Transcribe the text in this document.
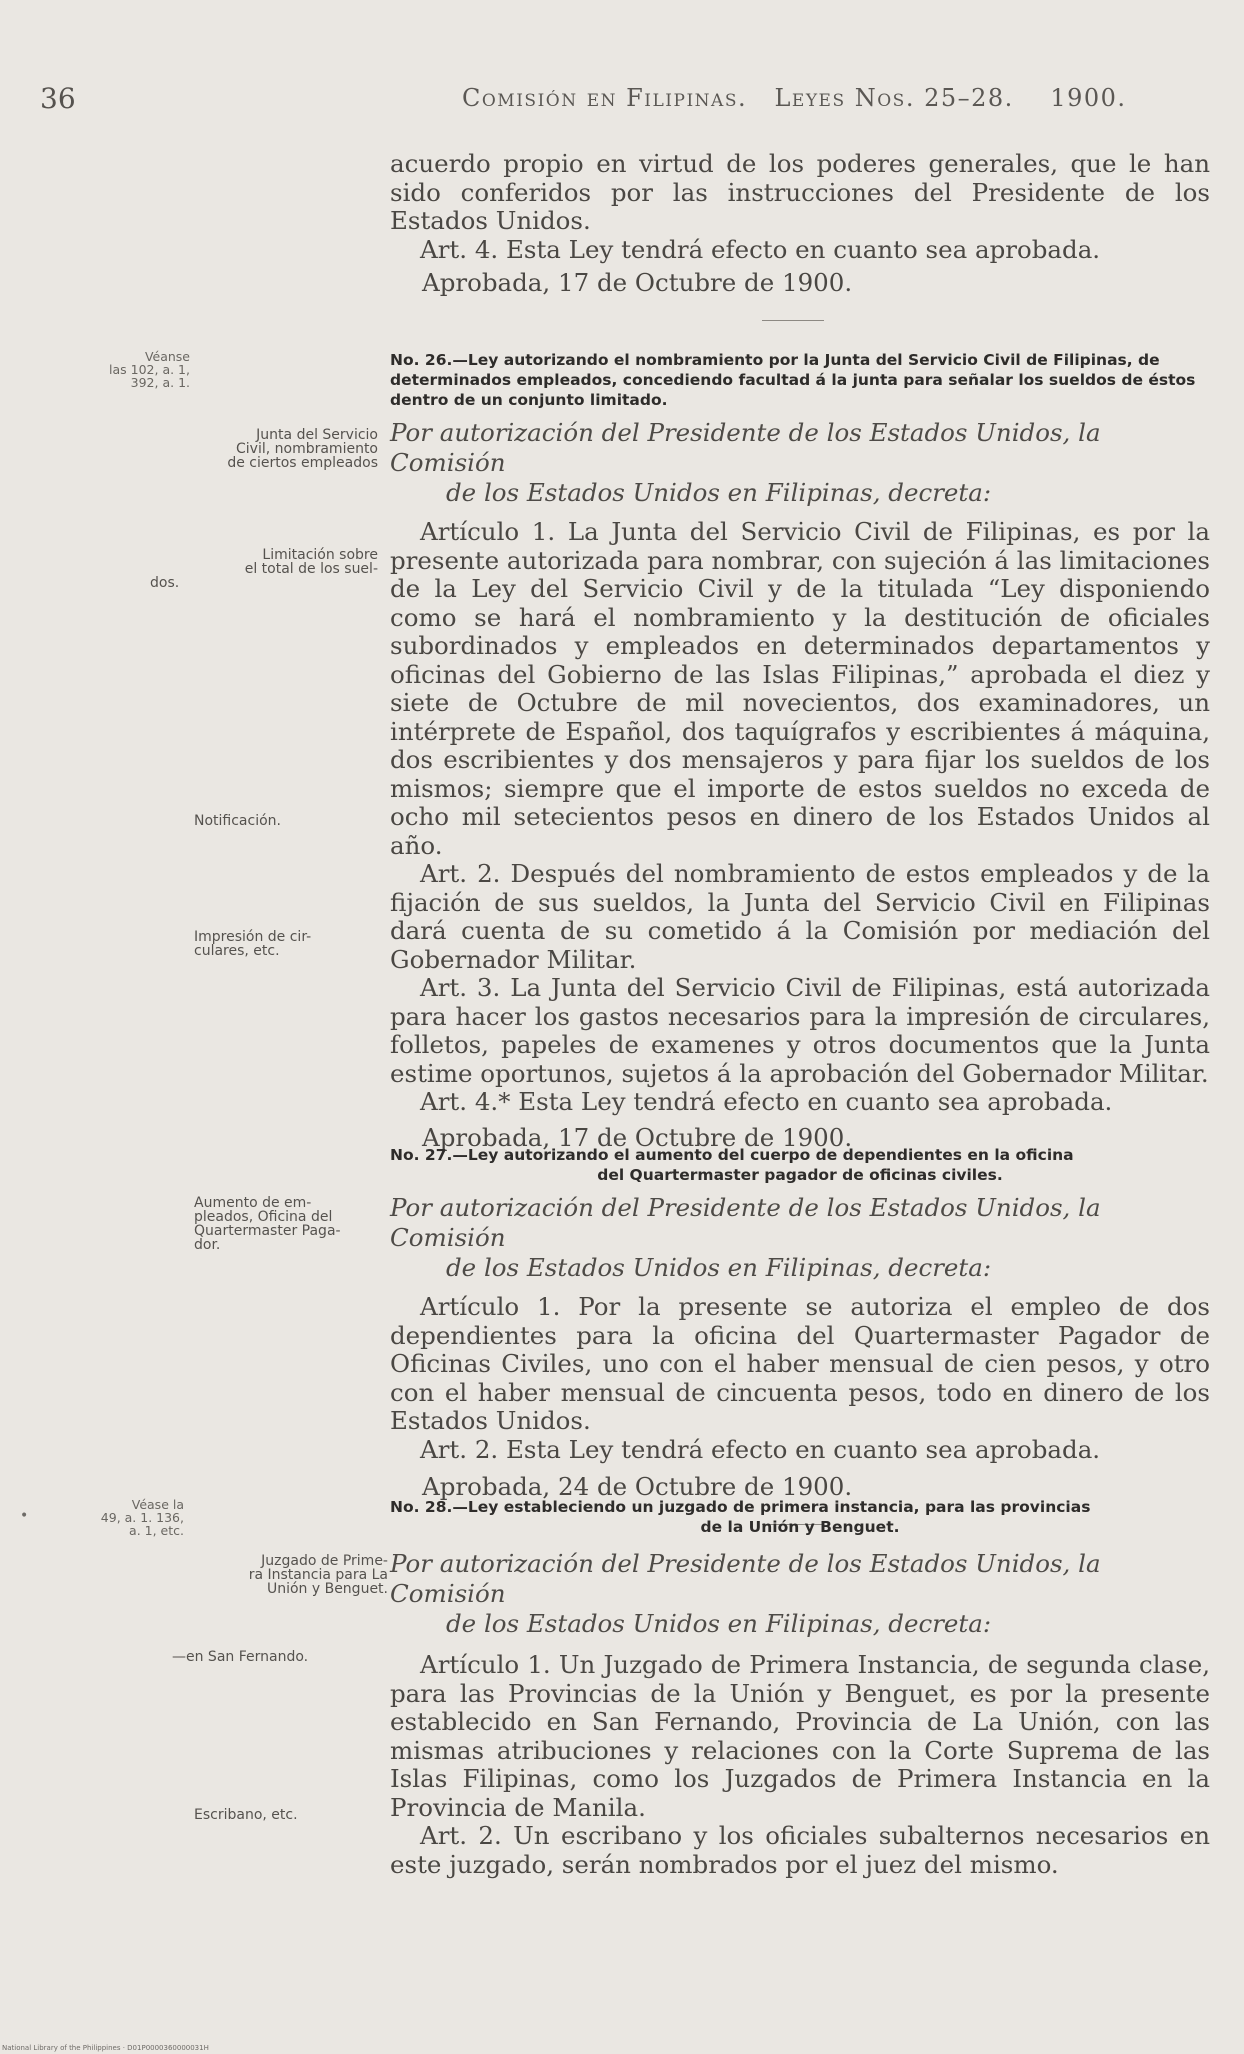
36	Comisión en Filipinas. Leyes Nos. 25–28. 1900.

acuerdo propio en virtud de los poderes generales, que le han sido conferidos por las instrucciones del Presidente de los Estados Unidos.

Art. 4. Esta Ley tendrá efecto en cuanto sea aprobada.

Aprobada, 17 de Octubre de 1900.

Véanse
las 102, a. 1,
392, a. 1.
Junta del Servicio
Civil, nombramiento
de ciertos empleados
Limitación sobre
el total de los suel-
dos.
Notificación.
Impresión de cir-
culares, etc.

No. 26.—Ley autorizando el nombramiento por la Junta del Servicio Civil de Filipinas, de determinados empleados, concediendo facultad á la junta para señalar los sueldos de éstos dentro de un conjunto limitado.

Por autorización del Presidente de los Estados Unidos, la Comisión

de los Estados Unidos en Filipinas, decreta:

Artículo 1. La Junta del Servicio Civil de Filipinas, es por la presente autorizada para nombrar, con sujeción á las limitaciones de la Ley del Servicio Civil y de la titulada “Ley disponiendo como se hará el nombramiento y la destitución de oficiales subordinados y empleados en determinados departamentos y oficinas del Gobierno de las Islas Filipinas,” aprobada el diez y siete de Octubre de mil novecientos, dos examinadores, un intérprete de Español, dos taquígrafos y escribientes á máquina, dos escribientes y dos mensajeros y para fijar los sueldos de los mismos; siempre que el importe de estos sueldos no exceda de ocho mil setecientos pesos en dinero de los Estados Unidos al año.

Art. 2. Después del nombramiento de estos empleados y de la fijación de sus sueldos, la Junta del Servicio Civil en Filipinas dará cuenta de su cometido á la Comisión por mediación del Gobernador Militar.

Art. 3. La Junta del Servicio Civil de Filipinas, está autorizada para hacer los gastos necesarios para la impresión de circulares, folletos, papeles de examenes y otros documentos que la Junta estime oportunos, sujetos á la aprobación del Gobernador Militar.

Art. 4.* Esta Ley tendrá efecto en cuanto sea aprobada.

Aprobada, 17 de Octubre de 1900.

Aumento de em-
pleados, Oficina del
Quartermaster Paga-
dor.

No. 27.—Ley autorizando el aumento del cuerpo de dependientes en la oficina

del Quartermaster pagador de oficinas civiles.

Por autorización del Presidente de los Estados Unidos, la Comisión

de los Estados Unidos en Filipinas, decreta:

Artículo 1. Por la presente se autoriza el empleo de dos dependientes para la oficina del Quartermaster Pagador de Oficinas Civiles, uno con el haber mensual de cien pesos, y otro con el haber mensual de cincuenta pesos, todo en dinero de los Estados Unidos.

Art. 2. Esta Ley tendrá efecto en cuanto sea aprobada.

Aprobada, 24 de Octubre de 1900.

Véase la
49, a. 1. 136,
a. 1, etc.
Juzgado de Prime-
ra Instancia para La
Unión y Benguet.
—en San Fernando.
Escribano, etc.

No. 28.—Ley estableciendo un juzgado de primera instancia, para las provincias

de la Unión y Benguet.

Por autorización del Presidente de los Estados Unidos, la Comisión

de los Estados Unidos en Filipinas, decreta:

Artículo 1. Un Juzgado de Primera Instancia, de segunda clase, para las Provincias de la Unión y Benguet, es por la presente establecido en San Fernando, Provincia de La Unión, con las mismas atribuciones y relaciones con la Corte Suprema de las Islas Filipinas, como los Juzgados de Primera Instancia en la Provincia de Manila.

Art. 2. Un escribano y los oficiales subalternos necesarios en este juzgado, serán nombrados por el juez del mismo.

•
National Library of the Philippines · D01P0000360000031H
